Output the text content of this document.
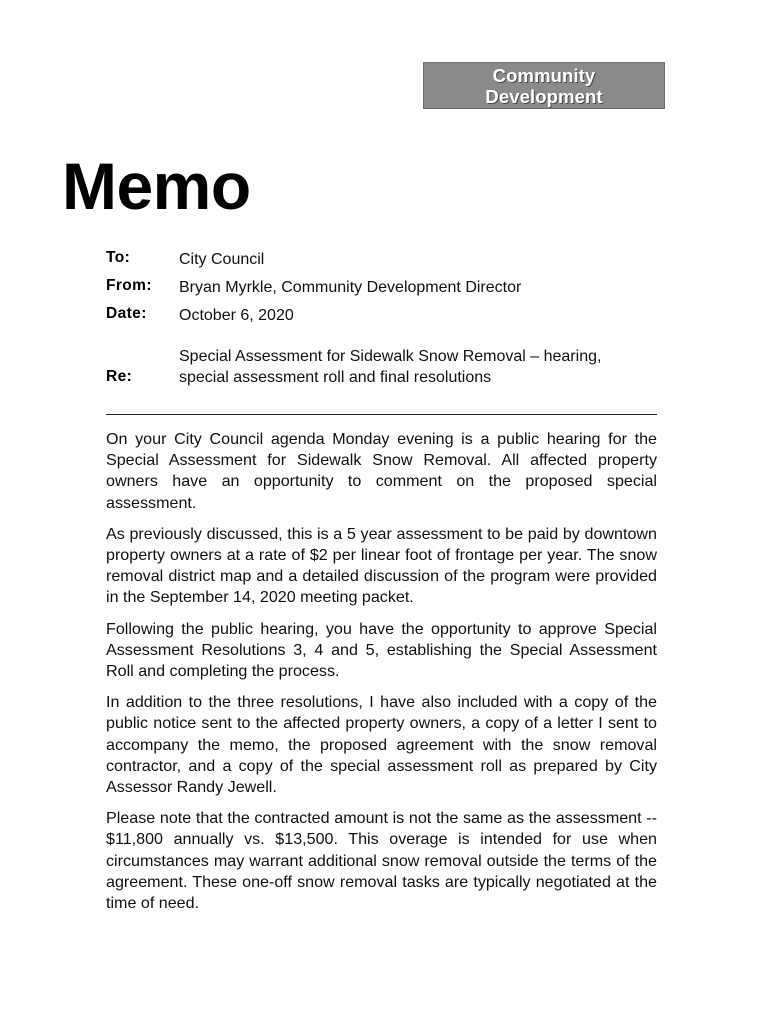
Community
Development
Memo
To:	City Council
From: Bryan Myrkle, Community Development Director
Date: October 6, 2020
Re:
Special Assessment for Sidewalk Snow Removal – hearing, special assessment roll and final resolutions

On your City Council agenda Monday evening is a public hearing for the Special Assessment for Sidewalk Snow Removal. All affected property owners have an opportunity to comment on the proposed special assessment.

As previously discussed, this is a 5 year assessment to be paid by downtown property owners at a rate of $2 per linear foot of frontage per year. The snow removal district map and a detailed discussion of the program were provided in the September 14, 2020 meeting packet.

Following the public hearing, you have the opportunity to approve Special Assessment Resolutions 3, 4 and 5, establishing the Special Assessment Roll and completing the process.

In addition to the three resolutions, I have also included with a copy of the public notice sent to the affected property owners, a copy of a letter I sent to accompany the memo, the proposed agreement with the snow removal contractor, and a copy of the special assessment roll as prepared by City Assessor Randy Jewell.

Please note that the contracted amount is not the same as the assessment -- $11,800 annually vs. $13,500. This overage is intended for use when circumstances may warrant additional snow removal outside the terms of the agreement. These one-off snow removal tasks are typically negotiated at the time of need.
